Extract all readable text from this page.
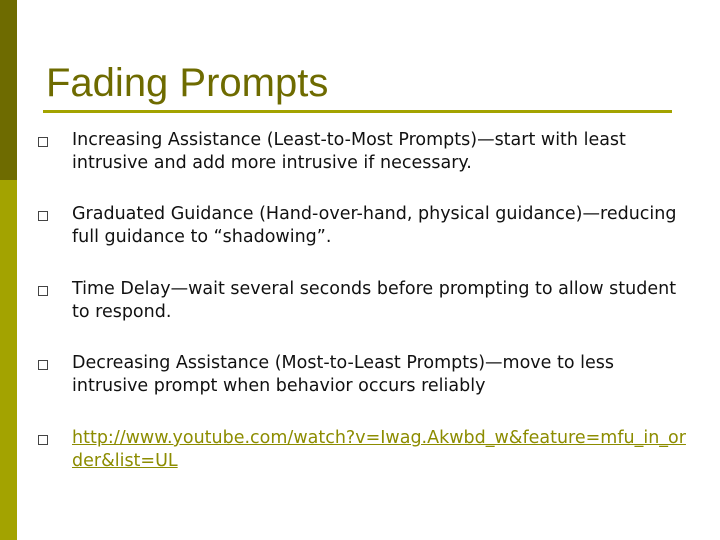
Fading Prompts
Increasing Assistance (Least-to-Most Prompts)—start with least intrusive and add more intrusive if necessary.
Graduated Guidance (Hand-over-hand, physical guidance)—reducing full guidance to “shadowing”.
Time Delay—wait several seconds before prompting to allow student to respond.
Decreasing Assistance (Most-to-Least Prompts)—move to less intrusive prompt when behavior occurs reliably
http://www.youtube.com/watch?v=Iwag.Akwbd_w&feature=mfu_in_order&list=UL
